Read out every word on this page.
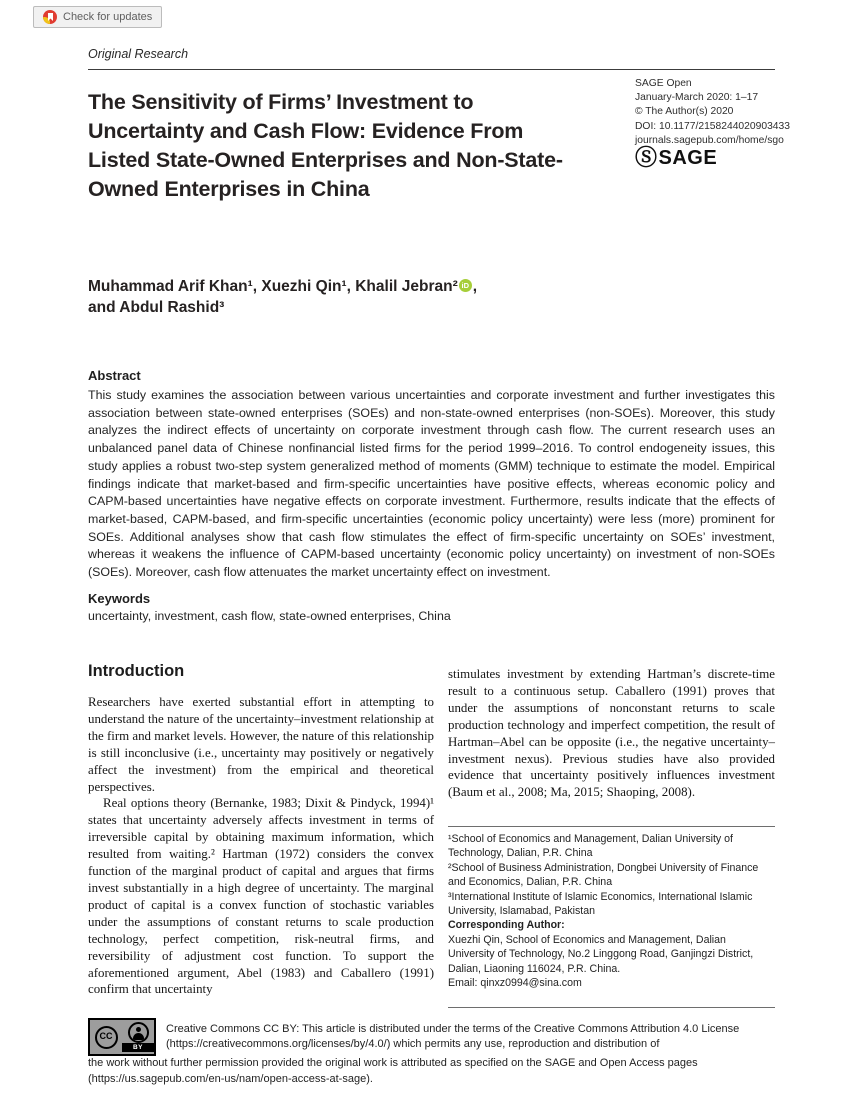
Check for updates
Original Research
SAGE Open
January-March 2020: 1–17
© The Author(s) 2020
DOI: 10.1177/2158244020903433
journals.sagepub.com/home/sgo
Ⓢ SAGE
The Sensitivity of Firms’ Investment to Uncertainty and Cash Flow: Evidence From Listed State-Owned Enterprises and Non-State-Owned Enterprises in China
Muhammad Arif Khan¹, Xuezhi Qin¹, Khalil Jebran² iD ,
and Abdul Rashid³
Abstract
This study examines the association between various uncertainties and corporate investment and further investigates this association between state-owned enterprises (SOEs) and non-state-owned enterprises (non-SOEs). Moreover, this study analyzes the indirect effects of uncertainty on corporate investment through cash flow. The current research uses an unbalanced panel data of Chinese nonfinancial listed firms for the period 1999–2016. To control endogeneity issues, this study applies a robust two-step system generalized method of moments (GMM) technique to estimate the model. Empirical findings indicate that market-based and firm-specific uncertainties have positive effects, whereas economic policy and CAPM-based uncertainties have negative effects on corporate investment. Furthermore, results indicate that the effects of market-based, CAPM-based, and firm-specific uncertainties (economic policy uncertainty) were less (more) prominent for SOEs. Additional analyses show that cash flow stimulates the effect of firm-specific uncertainty on SOEs’ investment, whereas it weakens the influence of CAPM-based uncertainty (economic policy uncertainty) on investment of non-SOEs (SOEs). Moreover, cash flow attenuates the market uncertainty effect on investment.
Keywords
uncertainty, investment, cash flow, state-owned enterprises, China
Introduction

Researchers have exerted substantial effort in attempting to understand the nature of the uncertainty–investment relationship at the firm and market levels. However, the nature of this relationship is still inconclusive (i.e., uncertainty may positively or negatively affect the investment) from the empirical and theoretical perspectives.

Real options theory (Bernanke, 1983; Dixit & Pindyck, 1994)¹ states that uncertainty adversely affects investment in terms of irreversible capital by obtaining maximum information, which resulted from waiting.² Hartman (1972) considers the convex function of the marginal product of capital and argues that firms invest substantially in a high degree of uncertainty. The marginal product of capital is a convex function of stochastic variables under the assumptions of constant returns to scale production technology, perfect competition, risk-neutral firms, and reversibility of adjustment cost function. To support the aforementioned argument, Abel (1983) and Caballero (1991) confirm that uncertainty

stimulates investment by extending Hartman’s discrete-time result to a continuous setup. Caballero (1991) proves that under the assumptions of nonconstant returns to scale production technology and imperfect competition, the result of Hartman–Abel can be opposite (i.e., the negative uncertainty–investment nexus). Previous studies have also provided evidence that uncertainty positively influences investment (Baum et al., 2008; Ma, 2015; Shaoping, 2008).

¹School of Economics and Management, Dalian University of Technology, Dalian, P.R. China

²School of Business Administration, Dongbei University of Finance and Economics, Dalian, P.R. China

³International Institute of Islamic Economics, International Islamic University, Islamabad, Pakistan

Corresponding Author:

Xuezhi Qin, School of Economics and Management, Dalian University of Technology, No.2 Linggong Road, Ganjingzi District, Dalian, Liaoning 116024, P.R. China.

Email: qinxz0994@sina.com

CC
BY
Creative Commons CC BY: This article is distributed under the terms of the Creative Commons Attribution 4.0 License
(https://creativecommons.org/licenses/by/4.0/) which permits any use, reproduction and distribution of
the work without further permission provided the original work is attributed as specified on the SAGE and Open Access pages
(https://us.sagepub.com/en-us/nam/open-access-at-sage).
